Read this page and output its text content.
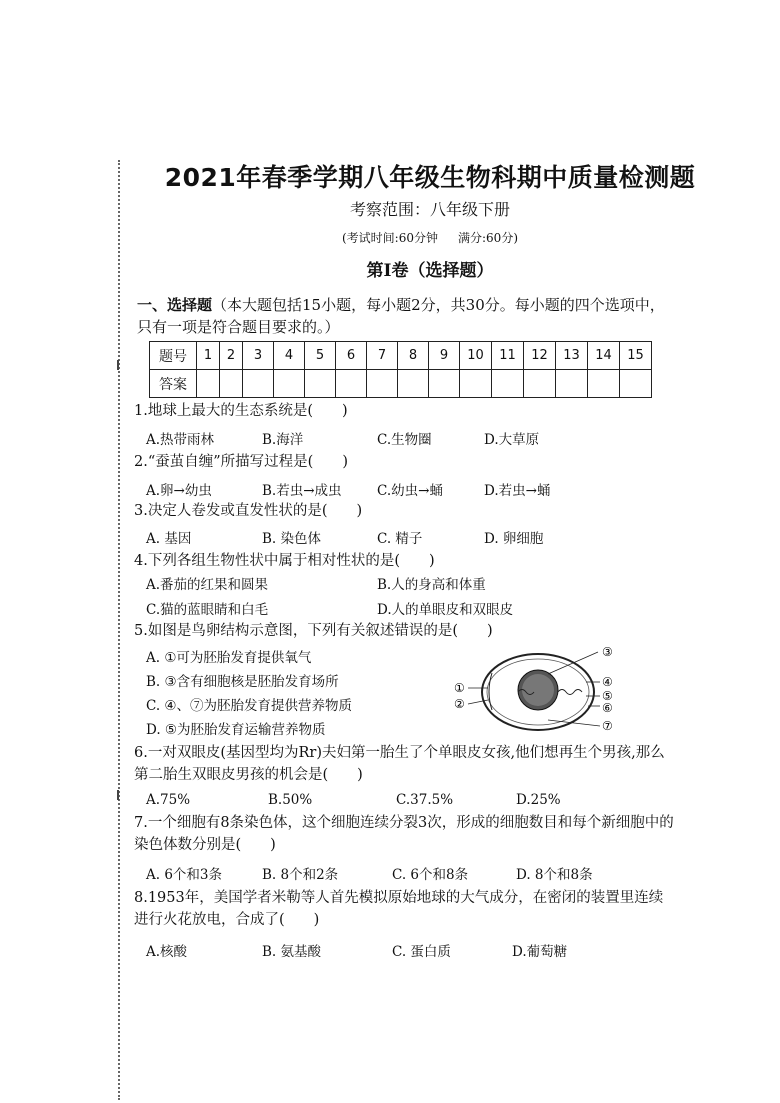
2021年春季学期八年级生物科期中质量检测题
考察范围：八年级下册
(考试时间:60分钟 满分:60分)
第Ⅰ卷（选择题）
一、选择题（本大题包括15小题，每小题2分，共30分。每小题的四个选项中，只有一项是符合题目要求的。）
题号	1	2	3	4	5	6	7	8	9	10	11	12	13	14	15
答案															
1.地球上最大的生态系统是(　　)
A.热带雨林	B.海洋	C.生物圈	D.大草原
2.“蚕茧自缠”所描写过程是(　　)
A.卵→幼虫	B.若虫→成虫	C.幼虫→蛹	D.若虫→蛹
3.决定人卷发或直发性状的是(　　)
A. 基因	B. 染色体	C. 精子	D. 卵细胞
4.下列各组生物性状中属于相对性状的是(　　)
A.番茄的红果和圆果	B.人的身高和体重
C.猫的蓝眼睛和白毛	D.人的单眼皮和双眼皮
5.如图是鸟卵结构示意图，下列有关叙述错误的是(　　)
A. ①可为胚胎发育提供氧气
B. ③含有细胞核是胚胎发育场所
C. ④、⑦为胚胎发育提供营养物质
D. ⑤为胚胎发育运输营养物质
①
②
③
④
⑤
⑥
⑦
6.一对双眼皮(基因型均为Rr)夫妇第一胎生了个单眼皮女孩,他们想再生个男孩,那么第二胎生双眼皮男孩的机会是(　　)
A.75%	B.50%	C.37.5%	D.25%
7.一个细胞有8条染色体，这个细胞连续分裂3次，形成的细胞数目和每个新细胞中的染色体数分别是(　　)
A. 6个和3条	B. 8个和2条	C. 6个和8条	D. 8个和8条
8.1953年，美国学者米勒等人首先模拟原始地球的大气成分，在密闭的装置里连续进行火花放电，合成了(　　)
A.核酸	B. 氨基酸	C. 蛋白质	D.葡萄糖
